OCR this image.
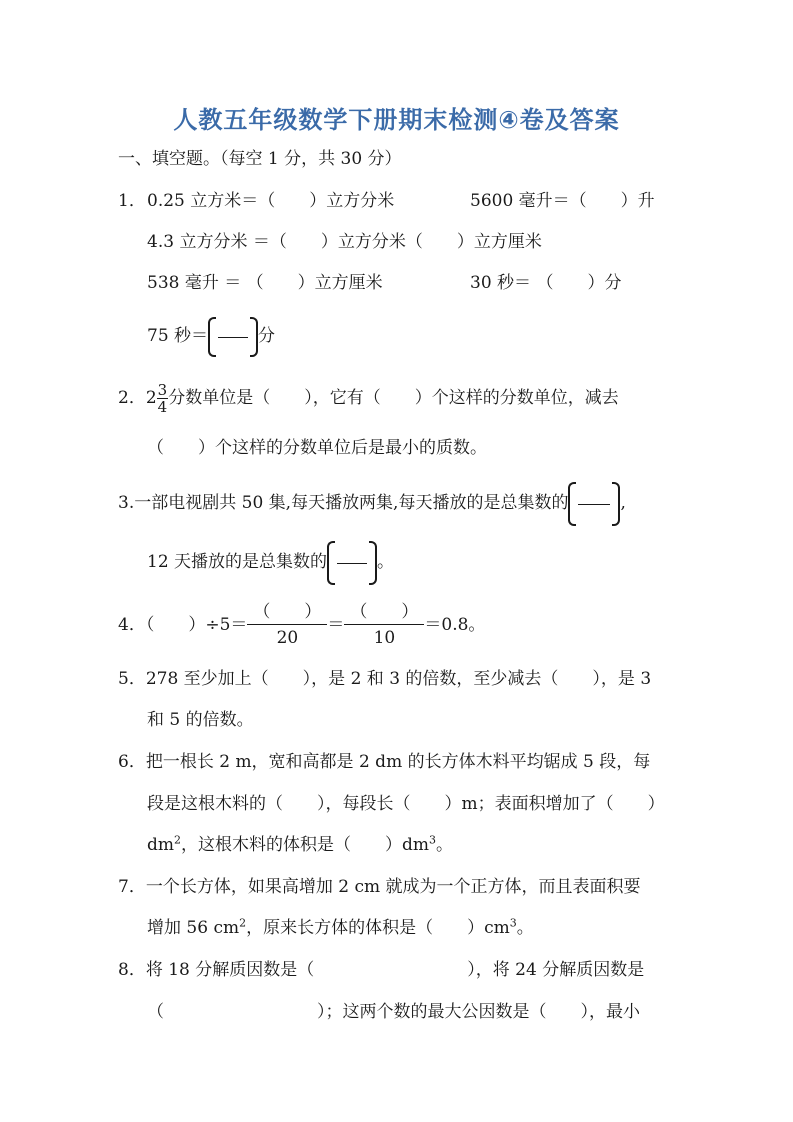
人教五年级数学下册期末检测④卷及答案
一、填空题。（每空 1 分，共 30 分）
1． 0.25 立方米＝（　　）立方分米	5600 毫升＝（　　）升
4.3 立方分米 ＝（　　）立方分米（　　）立方厘米
538 毫升 ＝ （　　）立方厘米	30 秒＝ （　　）分
75 秒＝	分
2．$2 \frac{3}{4}$ 分数单位是（　　），它有（　　）个这样的分数单位，减去
（　　）个这样的分数单位后是最小的质数。
3.一部电视剧共 50 集,每天播放两集,每天播放的是总集数的	,
12 天播放的是总集数的	。
4．（　　）÷5＝
（　　）
20
＝
（　　）
10
＝0.8。
5．278 至少加上（　　），是 2 和 3 的倍数，至少减去（　　），是 3
和 5 的倍数。
6．把一根长 2 m，宽和高都是 2 dm 的长方体木料平均锯成 5 段，每
段是这根木料的（　　），每段长（　　）m；表面积增加了（　　）
$dm^2$，这根木料的体积是（　　）$dm^3$。
7．一个长方体，如果高增加 2 cm 就成为一个正方体，而且表面积要
增加 56 $cm^2$，原来长方体的体积是（　　）$cm^3$。
8．将 18 分解质因数是（　　　　　　　　　），将 24 分解质因数是
（　　　　　　　　　）；这两个数的最大公因数是（　　），最小
